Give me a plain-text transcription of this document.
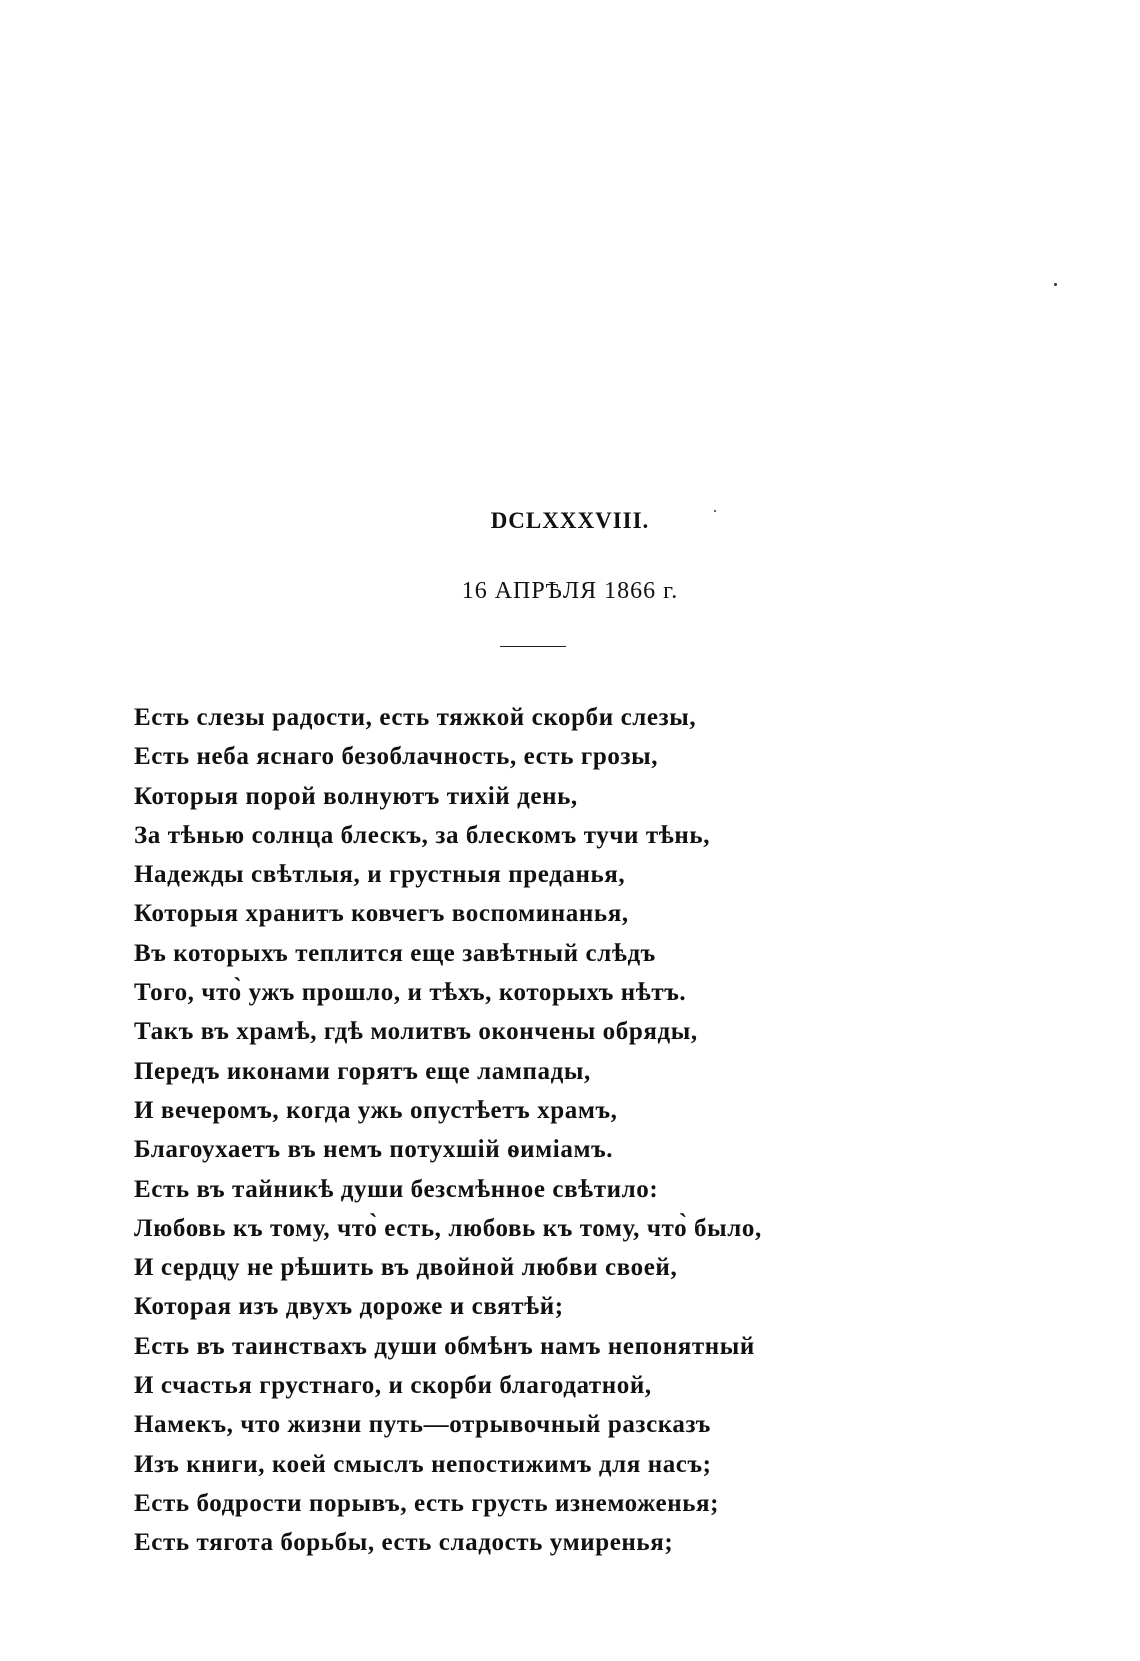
DCLXXXVIII.

16 АПРѢЛЯ 1866 г.

Есть слезы радости, есть тяжкой скорби слезы,
Есть неба яснаго безоблачность, есть грозы,
Которыя порой волнуютъ тихій день,
За тѣнью солнца блескъ, за блескомъ тучи тѣнь,
Надежды свѣтлыя, и грустныя преданья,
Которыя хранитъ ковчегъ воспоминанья,
Въ которыхъ теплится еще завѣтный слѣдъ
Того, что̀ ужъ прошло, и тѣхъ, которыхъ нѣтъ.
Такъ въ храмѣ, гдѣ молитвъ окончены обряды,
Передъ иконами горятъ еще лампады,
И вечеромъ, когда ужь опустѣетъ храмъ,
Благоухаетъ въ немъ потухшій ѳиміамъ.
Есть въ тайникѣ души безсмѣнное свѣтило:
Любовь къ тому, что̀ есть, любовь къ тому, что̀ было,
И сердцу не рѣшить въ двойной любви своей,
Которая изъ двухъ дороже и святѣй;
Есть въ таинствахъ души обмѣнъ намъ непонятный
И счастья грустнаго, и скорби благодатной,
Намекъ, что жизни путь—отрывочный разсказъ
Изъ книги, коей смыслъ непостижимъ для насъ;
Есть бодрости порывъ, есть грусть изнеможенья;
Есть тягота борьбы, есть сладость умиренья;
